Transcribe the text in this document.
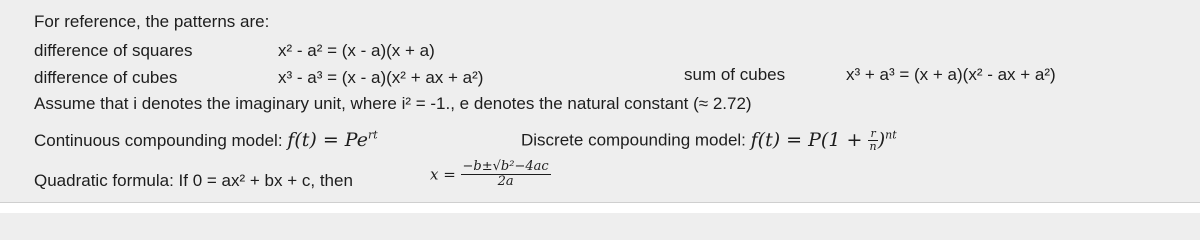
For reference, the patterns are:
difference of squares	x² - a² = (x - a)(x + a)
difference of cubes	x³ - a³ = (x - a)(x² + ax + a²)	sum of cubes	x³ + a³ = (x + a)(x² - ax + a²)
Assume that i denotes the imaginary unit, where i² = -1., e denotes the natural constant (≈ 2.72)
Continuous compounding model: $f(t) = Pe^{rt}$	Discrete compounding model: $f(t) = P(1 + \frac{r}{n} )^{nt}$
Quadratic formula: If 0 = ax² + bx + c, then	$x = \frac{\text{−b±√b²−4ac}}{2a}$
